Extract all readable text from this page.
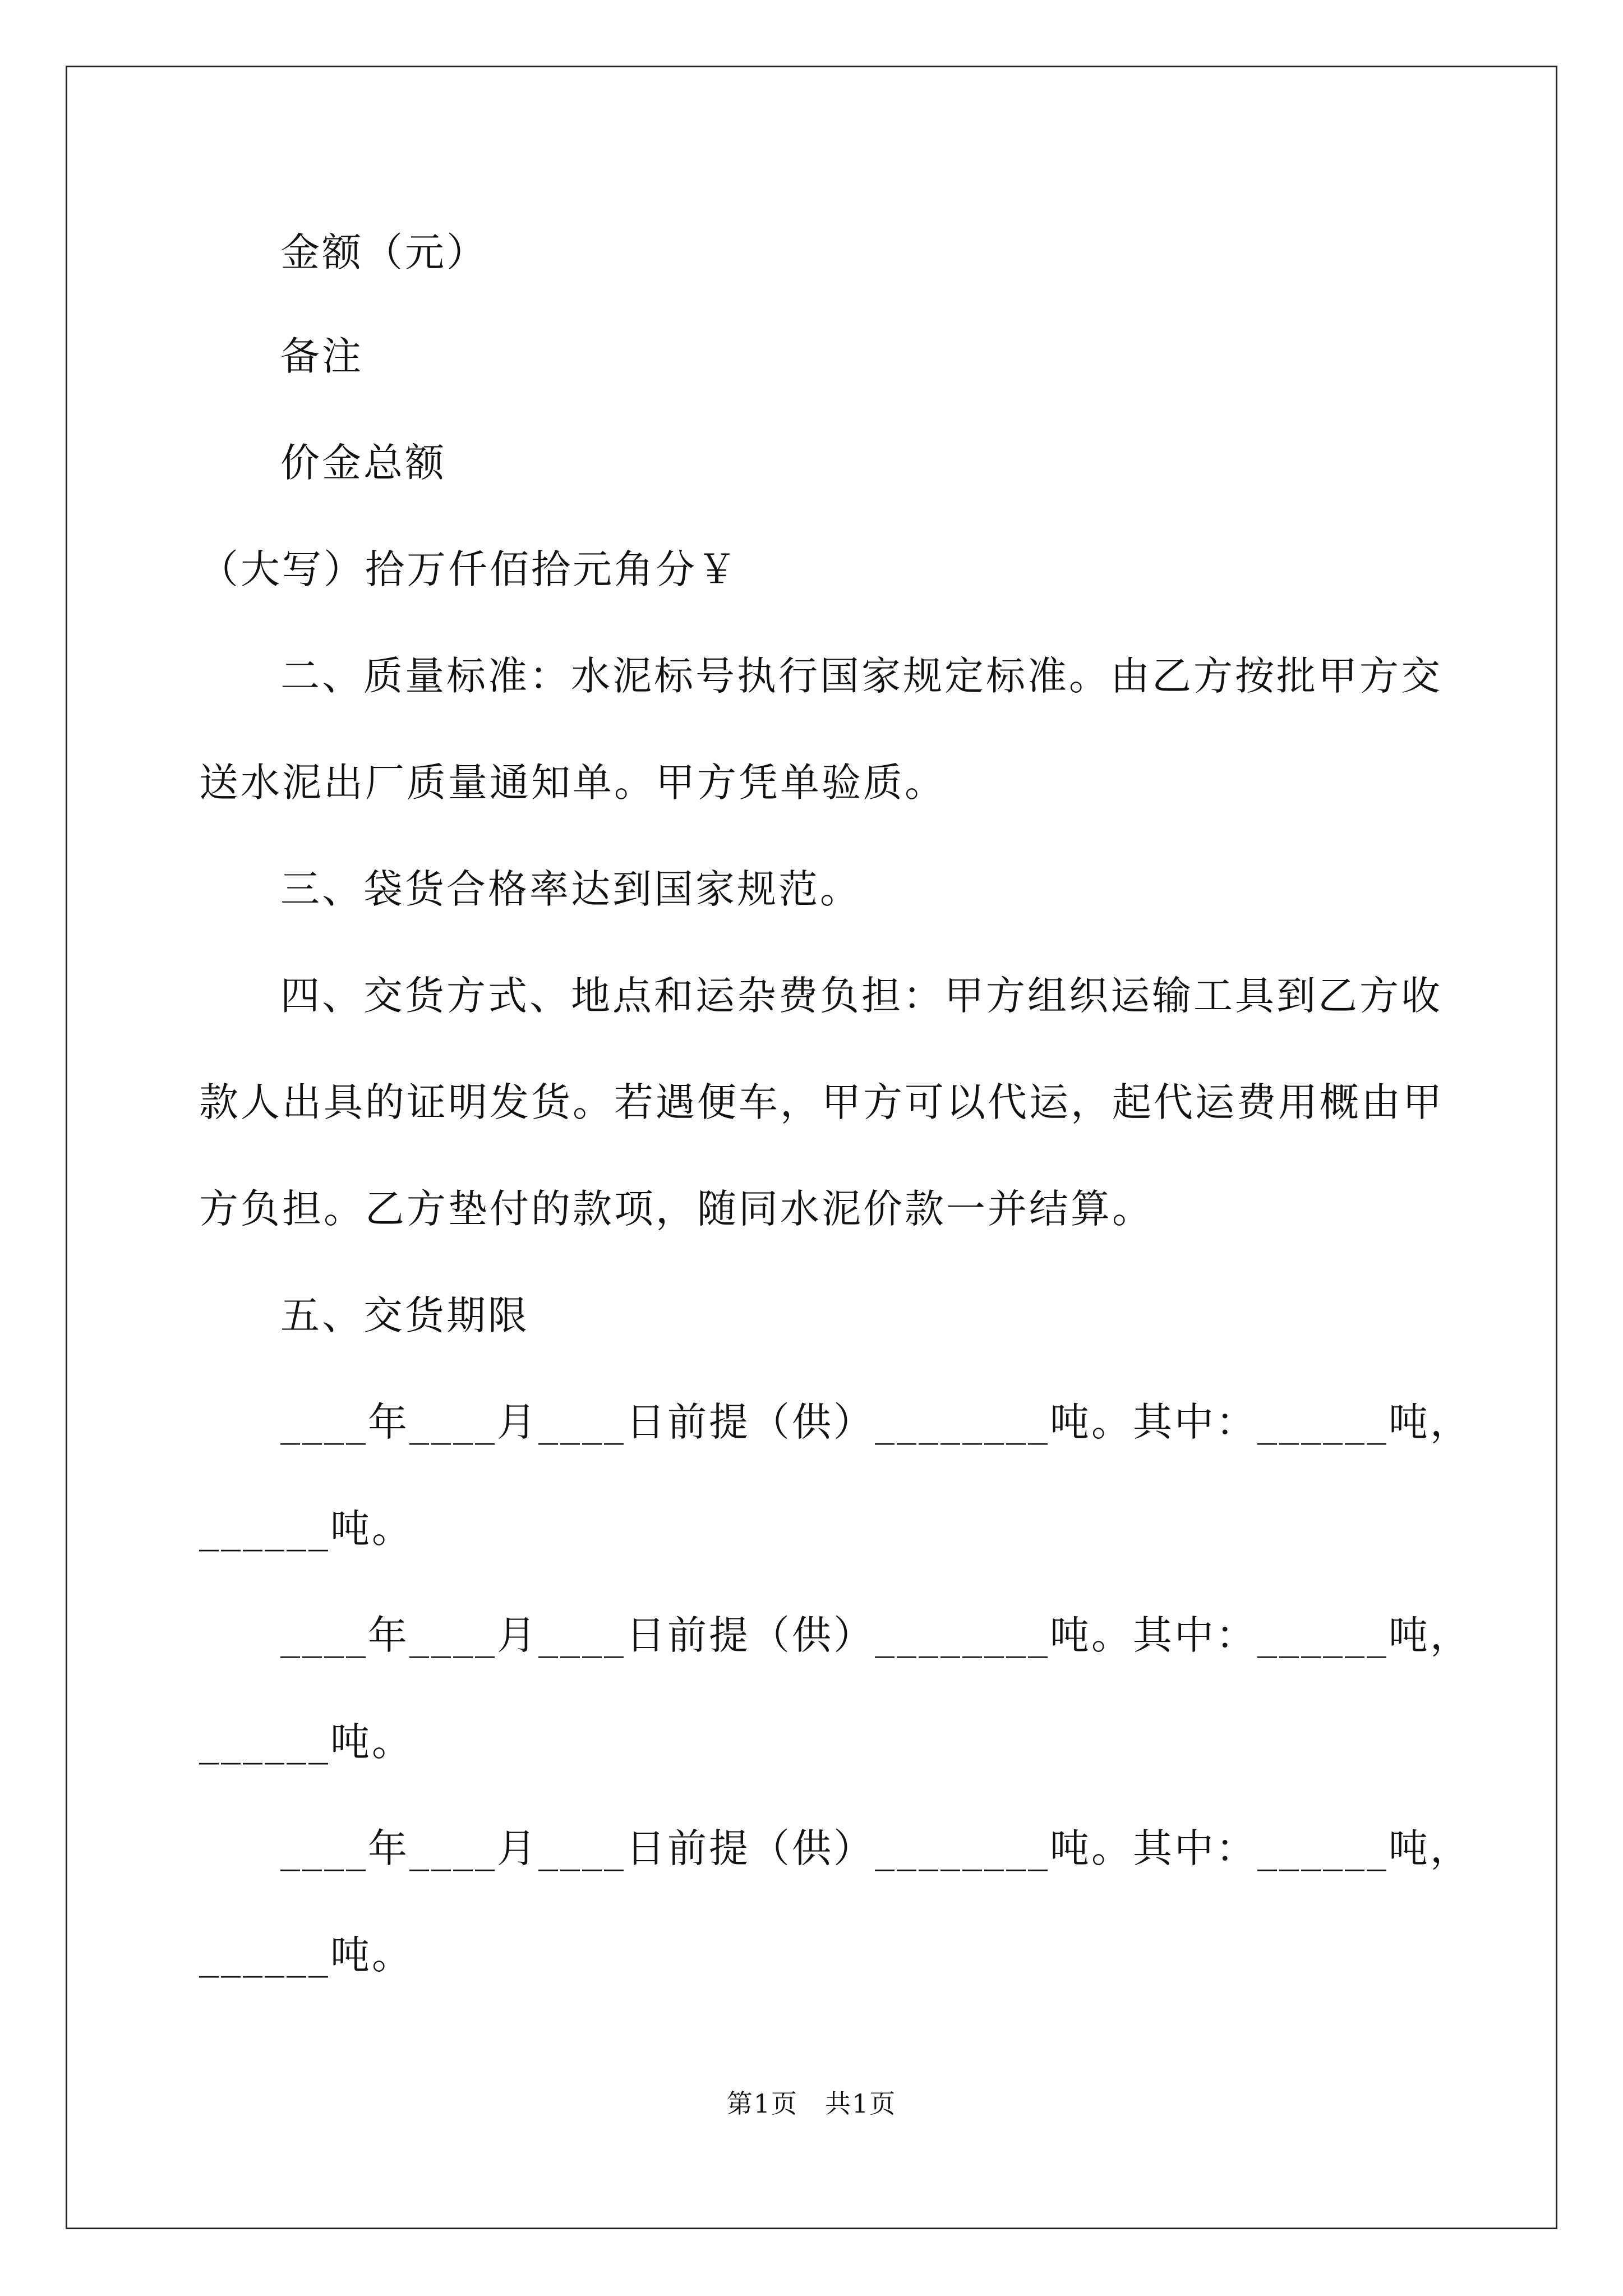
金额（元）

备注

价金总额

（大写）拾万仟佰拾元角分￥

二、质量标准：水泥标号执行国家规定标准。由乙方按批甲方交

送水泥出厂质量通知单。甲方凭单验质。

三、袋货合格率达到国家规范。

四、交货方式、地点和运杂费负担：甲方组织运输工具到乙方收

款人出具的证明发货。若遇便车，甲方可以代运，起代运费用概由甲

方负担。乙方垫付的款项，随同水泥价款一并结算。

五、交货期限

____年____月____日前提（供）________吨。其中：______吨，

______吨。

____年____月____日前提（供）________吨。其中：______吨，

______吨。

____年____月____日前提（供）________吨。其中：______吨，

______吨。

第1页　共1页
